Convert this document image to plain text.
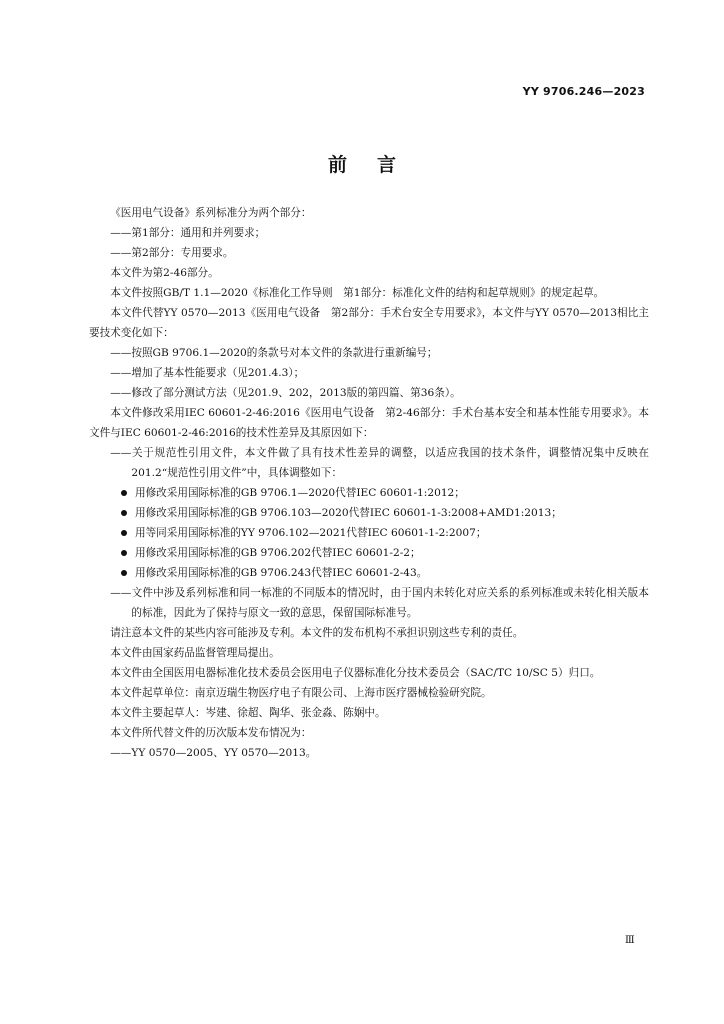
YY 9706.246—2023
前言
《医用电气设备》系列标准分为两个部分：
——第1部分：通用和并列要求；
——第2部分：专用要求。
本文件为第2-46部分。
本文件按照GB/T 1.1—2020《标准化工作导则　第1部分：标准化文件的结构和起草规则》的规定起草。
本文件代替YY 0570—2013《医用电气设备　第2部分：手术台安全专用要求》，本文件与YY 0570—2013相比主要技术变化如下：
——按照GB 9706.1—2020的条款号对本文件的条款进行重新编号；
——增加了基本性能要求（见201.4.3）；
——修改了部分测试方法（见201.9、202，2013版的第四篇、第36条）。
本文件修改采用IEC 60601-2-46:2016《医用电气设备　第2-46部分：手术台基本安全和基本性能专用要求》。本文件与IEC 60601-2-46:2016的技术性差异及其原因如下：
——关于规范性引用文件，本文件做了具有技术性差异的调整，以适应我国的技术条件，调整情况集中反映在201.2“规范性引用文件”中，具体调整如下：
用修改采用国际标准的GB 9706.1—2020代替IEC 60601-1:2012；
用修改采用国际标准的GB 9706.103—2020代替IEC 60601-1-3:2008+AMD1:2013；
用等同采用国际标准的YY 9706.102—2021代替IEC 60601-1-2:2007；
用修改采用国际标准的GB 9706.202代替IEC 60601-2-2；
用修改采用国际标准的GB 9706.243代替IEC 60601-2-43。
——文件中涉及系列标准和同一标准的不同版本的情况时，由于国内未转化对应关系的系列标准或未转化相关版本的标准，因此为了保持与原文一致的意思，保留国际标准号。
请注意本文件的某些内容可能涉及专利。本文件的发布机构不承担识别这些专利的责任。
本文件由国家药品监督管理局提出。
本文件由全国医用电器标准化技术委员会医用电子仪器标准化分技术委员会（SAC/TC 10/SC 5）归口。
本文件起草单位：南京迈瑞生物医疗电子有限公司、上海市医疗器械检验研究院。
本文件主要起草人：岑建、徐超、陶华、张金淼、陈娴中。
本文件所代替文件的历次版本发布情况为：
——YY 0570—2005、YY 0570—2013。
Ⅲ
